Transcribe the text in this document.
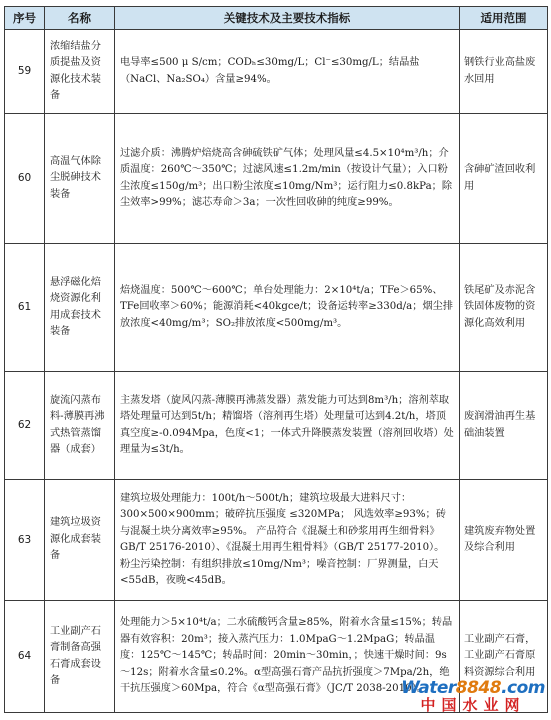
序号	名称	关键技术及主要技术指标	适用范围
59	浓缩结盐分质提盐及资源化技术装备	电导率≤500 μ S/cm；CODₕ≤30mg/L；Cl⁻≤30mg/L；结晶盐（NaCl、Na₂SO₄）含量≥94%。	钢铁行业高盐废水回用
60	高温气体除尘脱砷技术装备	过滤介质：沸腾炉焙烧高含砷硫铁矿气体；处理风量≤4.5×10⁴m³/h；介质温度：260℃～350℃；过滤风速≤1.2m/min（按设计气量）；入口粉尘浓度≤150g/m³；出口粉尘浓度≤10mg/Nm³；运行阻力≤0.8kPa；除尘效率>99%；滤芯寿命＞3a；一次性回收砷的纯度≥99%。	含砷矿渣回收利用
61	悬浮磁化焙烧资源化利用成套技术装备	焙烧温度：500℃～600℃；单台处理能力：2×10⁴t/a；TFe＞65%、TFe回收率＞60%；能源消耗<40kgce/t；设备运转率≥330d/a；烟尘排放浓度<40mg/m³；SO₂排放浓度<500mg/m³。	铁尾矿及赤泥含铁固体废物的资源化高效利用
62	旋流闪蒸布料-薄膜再沸式热管蒸馏器（成套）	主蒸发塔（旋风闪蒸-薄膜再沸蒸发器）蒸发能力可达到8m³/h；溶剂萃取塔处理量可达到5t/h；精馏塔（溶剂再生塔）处理量可达到4.2t/h，塔顶真空度≥-0.094Mpa，色度<1；一体式升降膜蒸发装置（溶剂回收塔）处理量为≤3t/h。	废润滑油再生基础油装置
63	建筑垃圾资源化成套装备	建筑垃圾处理能力：100t/h～500t/h；建筑垃圾最大进料尺寸：300×500×900mm；破碎抗压强度 ≤320MPa； 风选效率≥93%；砖与混凝土块分离效率≥95%。 产品符合《混凝土和砂浆用再生细骨料》GB/T 25176-2010）、《混凝土用再生粗骨料》（GB/T 25177-2010）。粉尘污染控制：有组织排放≤10mg/Nm³；噪音控制：厂界测量，白天<55dB，夜晚<45dB。	建筑废弃物处置及综合利用
64	工业副产石膏制备高强石膏成套设备	处理能力＞5×10⁴t/a；二水硫酸钙含量≥85%，附着水含量≤15%；转晶器有效容积：20m³；接入蒸汽压力：1.0MpaG～1.2MpaG；转晶温度：125℃～145℃；转晶时间：20min～30min，；快速干燥时间：9s～12s；附着水含量≤0.2%。α型高强石膏产品抗折强度＞7Mpa/2h，绝干抗压强度＞60Mpa，符合《α型高强石膏》（JC/T 2038-2010）。	工业副产石膏，工业副产石膏原料资源综合利用
Water8848.com
中国水业网
